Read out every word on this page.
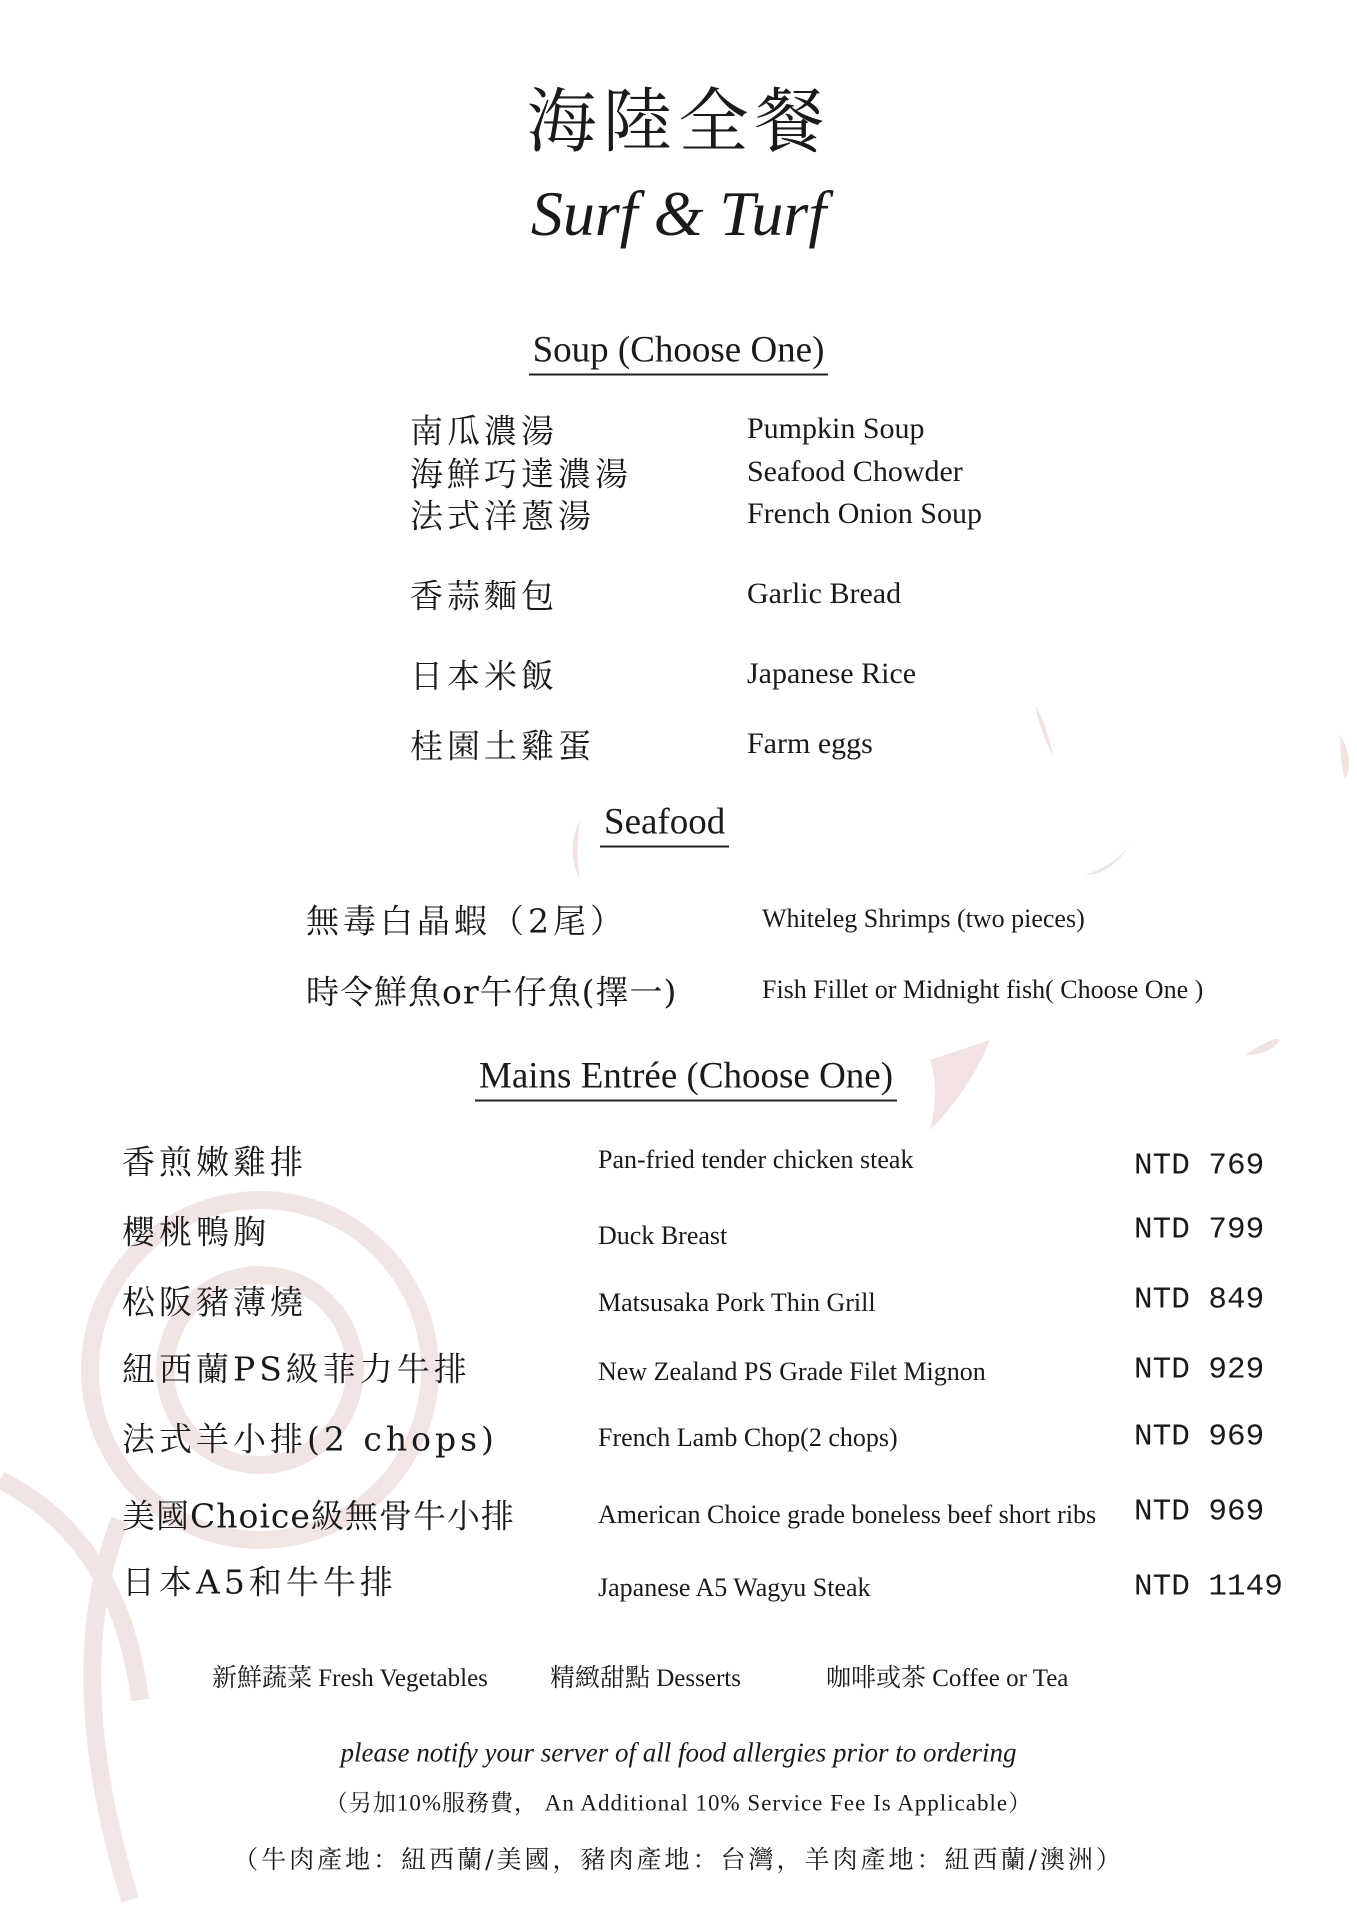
海陸全餐
Surf & Turf
Soup (Choose One)
南瓜濃湯	Pumpkin Soup
海鮮巧達濃湯	Seafood Chowder
法式洋蔥湯	French Onion Soup
香蒜麵包	Garlic Bread
日本米飯	Japanese Rice
桂園土雞蛋	Farm eggs
Seafood
無毒白晶蝦（2尾）	Whiteleg Shrimps (two pieces)
時令鮮魚or午仔魚(擇一)	Fish Fillet or Midnight fish( Choose One )
Mains Entrée (Choose One)
香煎嫩雞排	Pan-fried tender chicken steak	NTD 769
櫻桃鴨胸	Duck Breast	NTD 799
松阪豬薄燒	Matsusaka Pork Thin Grill	NTD 849
紐西蘭PS級菲力牛排	New Zealand PS Grade Filet Mignon	NTD 929
法式羊小排(2 chops)	French Lamb Chop(2 chops)	NTD 969
美國Choice級無骨牛小排	American Choice grade boneless beef short ribs NTD 969
日本A5和牛牛排	Japanese A5 Wagyu Steak	NTD 1149
新鮮蔬菜 Fresh Vegetables 精緻甜點 Desserts	咖啡或茶 Coffee or Tea
please notify your server of all food allergies prior to ordering
（另加10%服務費， An Additional 10% Service Fee Is Applicable）
（牛肉產地：紐西蘭/美國，豬肉產地：台灣，羊肉產地：紐西蘭/澳洲）
